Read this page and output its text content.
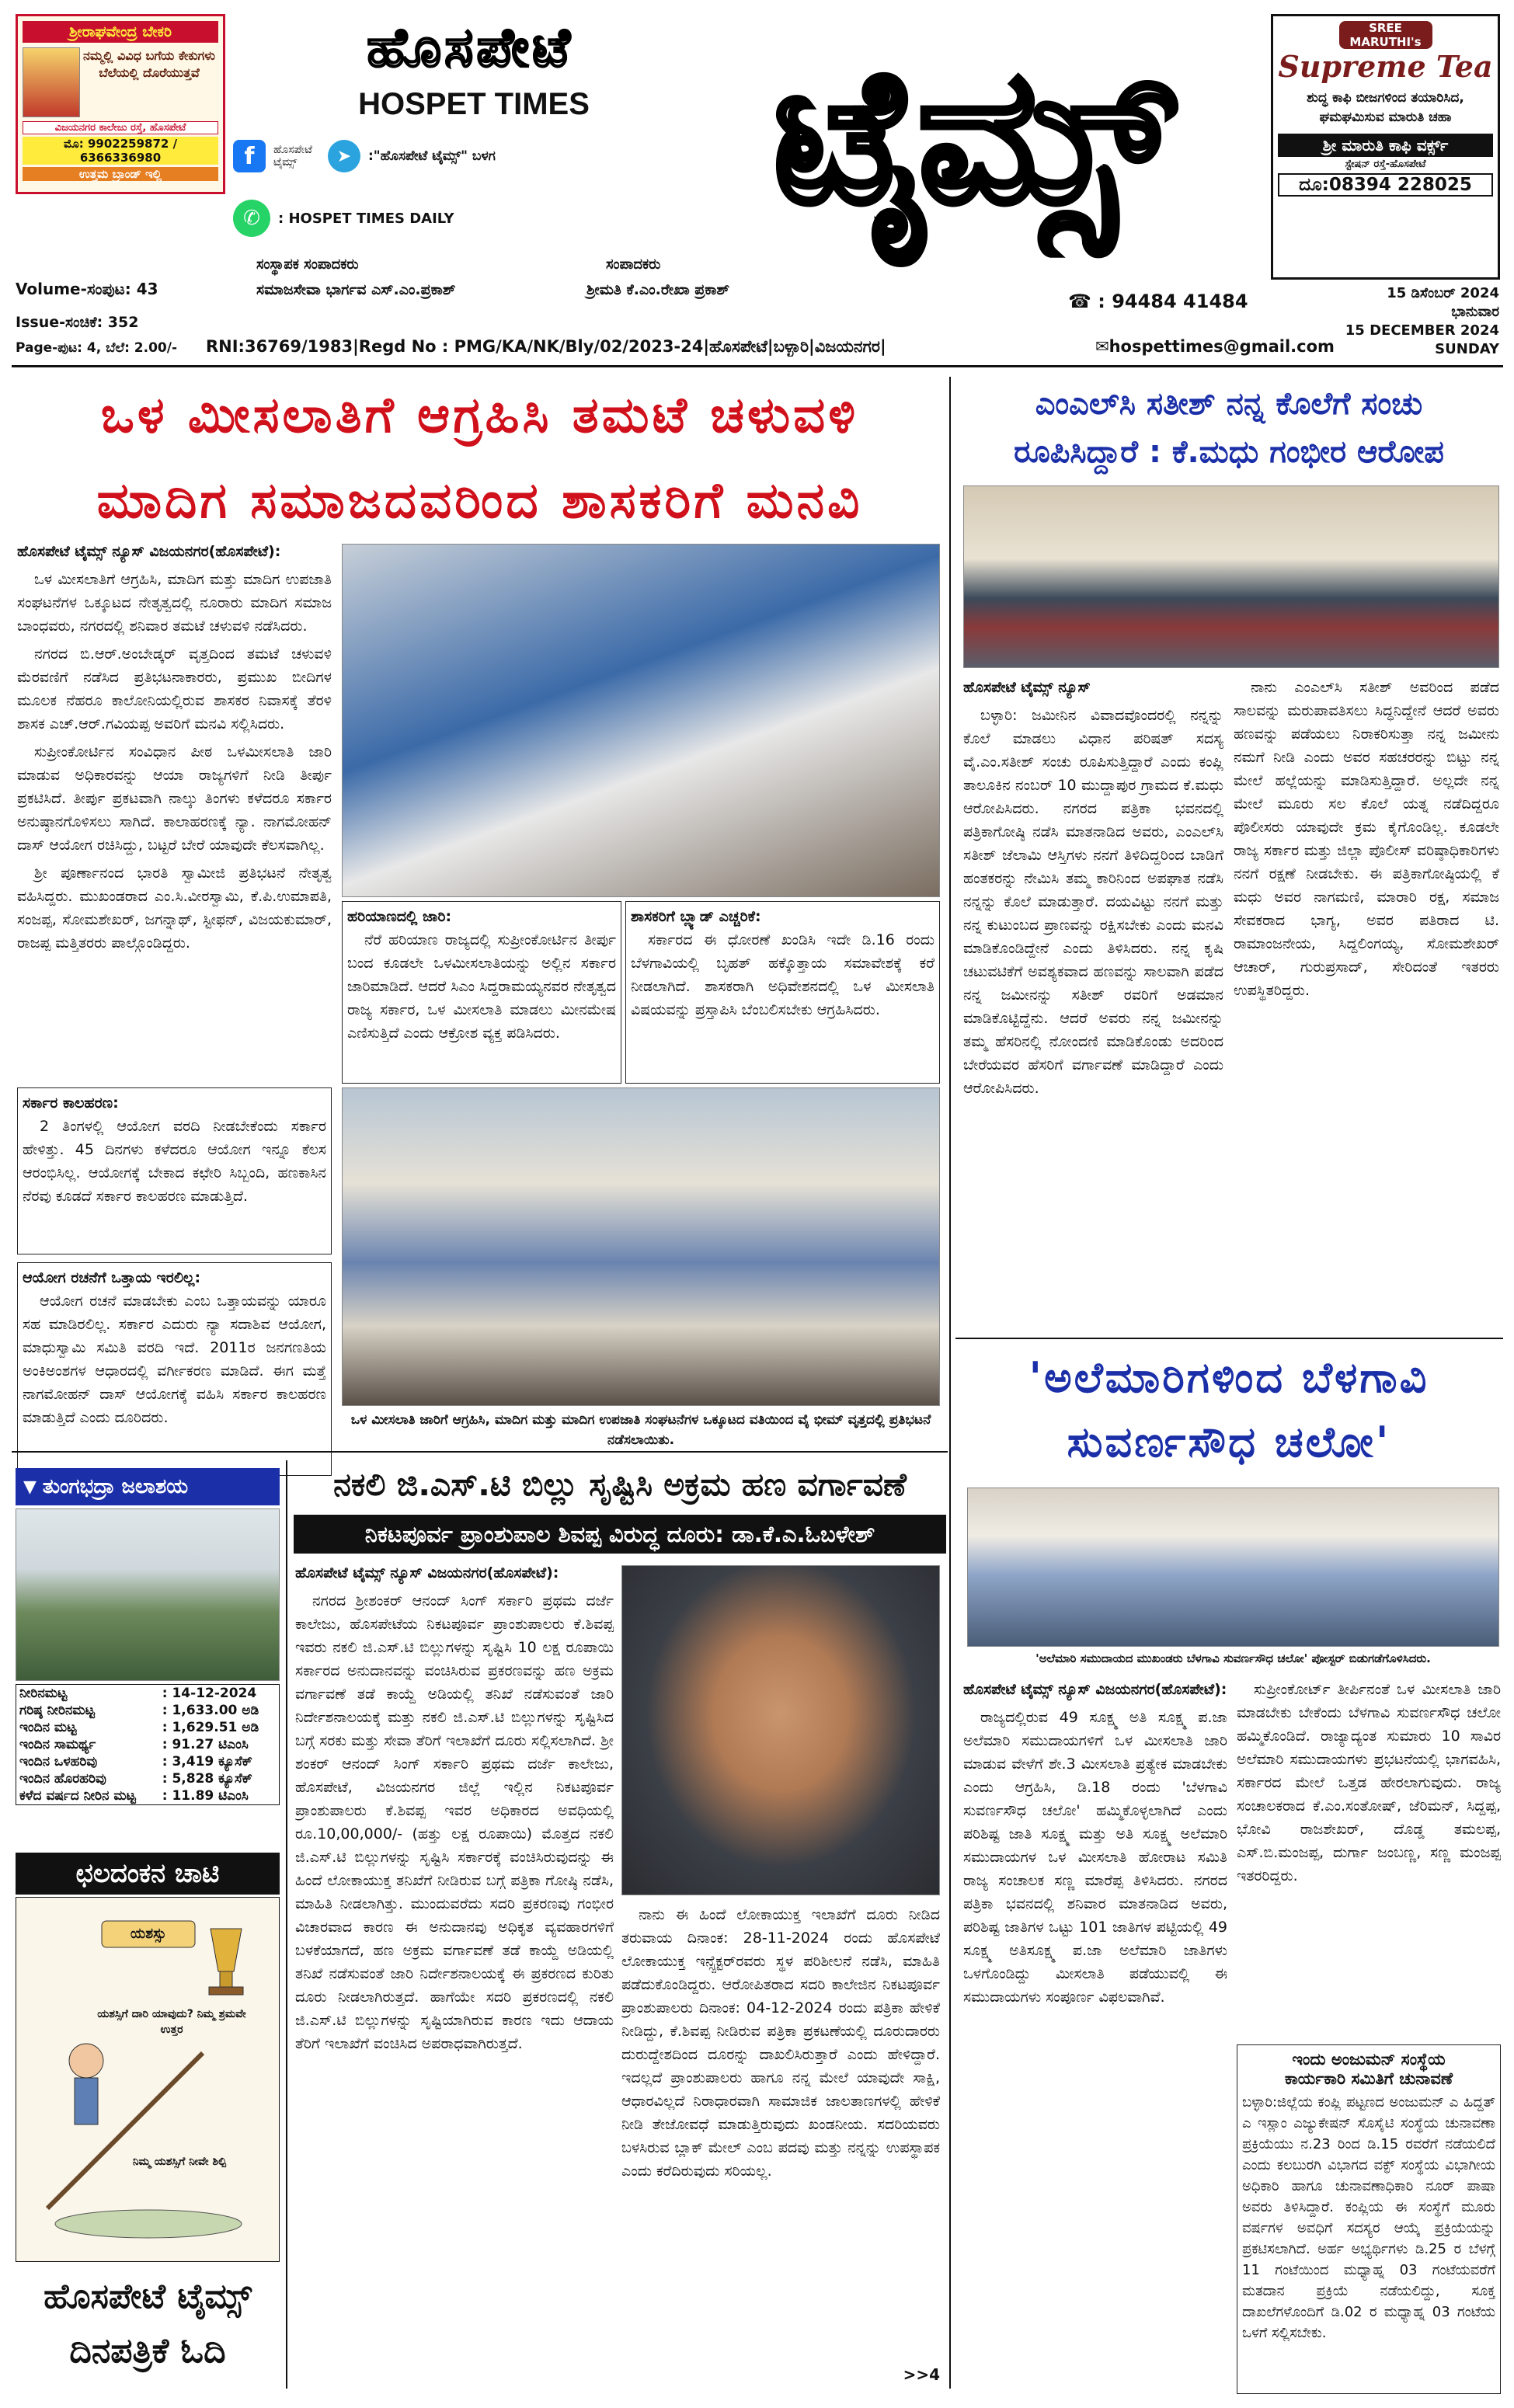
ಶ್ರೀರಾಘವೇಂದ್ರ ಬೇಕರಿ
ನಮ್ಮಲ್ಲಿ ವಿವಿಧ ಬಗೆಯ ಕೇಕುಗಳು ಬೆಲೆಯಲ್ಲಿ ದೊರೆಯುತ್ತವೆ
ವಿಜಯನಗರ ಕಾಲೇಜು ರಸ್ತೆ, ಹೊಸಪೇಟೆ
ಮೊ: 9902259872 / 6366336980
ಉತ್ತಮ ಬ್ರಾಂಡ್ ಇಲ್ಲಿ
ಹೊಸಪೇಟೆ
HOSPET TIMES
f	ಹೊಸಪೇಟೆ ಟೈಮ್ಸ್	➤	:"ಹೊಸಪೇಟೆ ಟೈಮ್ಸ್" ಬಳಗ
✆	: HOSPET TIMES DAILY	ಟೈಮ್ಸ್	SREE MARUTHI's
Supreme Tea
ಶುದ್ಧ ಕಾಫಿ ಬೀಜಗಳಿಂದ ತಯಾರಿಸಿದ, ಘಮಘಮಿಸುವ ಮಾರುತಿ ಚಹಾ
ಶ್ರೀ ಮಾರುತಿ ಕಾಫಿ ವರ್ಕ್ಸ್
ಸ್ಟೇಷನ್ ರಸ್ತೆ-ಹೊಸಪೇಟೆ
ದೂ:08394 228025
ಸಂಸ್ಥಾಪಕ ಸಂಪಾದಕರು	ಸಂಪಾದಕರು
Volume-ಸಂಪುಟ: 43	ಸಮಾಜಸೇವಾ ಭಾರ್ಗವ ಎಸ್.ಎಂ.ಪ್ರಕಾಶ್	ಶ್ರೀಮತಿ ಕೆ.ಎಂ.ರೇಖಾ ಪ್ರಕಾಶ್
☎ : 94484 41484	15 ಡಿಸೆಂಬರ್ 2024
ಭಾನುವಾರ
15 DECEMBER 2024
SUNDAY
Issue-ಸಂಚಿಕೆ: 352
Page-ಪುಟ: 4, ಬೆಲೆ: 2.00/-	RNI:36769/1983|Regd No : PMG/KA/NK/Bly/02/2023-24|ಹೊಸಪೇಟೆ|ಬಳ್ಳಾರಿ|ವಿಜಯನಗರ|	✉hospettimes@gmail.com
ಒಳ ಮೀಸಲಾತಿಗೆ ಆಗ್ರಹಿಸಿ ತಮಟೆ ಚಳುವಳಿ
ಮಾದಿಗ ಸಮಾಜದವರಿಂದ ಶಾಸಕರಿಗೆ ಮನವಿ

ಹೊಸಪೇಟೆ ಟೈಮ್ಸ್ ನ್ಯೂಸ್ ವಿಜಯನಗರ(ಹೊಸಪೇಟೆ):

ಒಳ ಮೀಸಲಾತಿಗೆ ಆಗ್ರಹಿಸಿ, ಮಾದಿಗ ಮತ್ತು ಮಾದಿಗ ಉಪಜಾತಿ ಸಂಘಟನೆಗಳ ಒಕ್ಕೂಟದ ನೇತೃತ್ವದಲ್ಲಿ ನೂರಾರು ಮಾದಿಗ ಸಮಾಜ ಬಾಂಧವರು, ನಗರದಲ್ಲಿ ಶನಿವಾರ ತಮಟೆ ಚಳುವಳಿ ನಡೆಸಿದರು.

ನಗರದ ಬಿ.ಆರ್.ಅಂಬೇಡ್ಕರ್ ವೃತ್ತದಿಂದ ತಮಟೆ ಚಳುವಳಿ ಮೆರವಣಿಗೆ ನಡೆಸಿದ ಪ್ರತಿಭಟನಾಕಾರರು, ಪ್ರಮುಖ ಬೀದಿಗಳ ಮೂಲಕ ನೆಹರೂ ಕಾಲೋನಿಯಲ್ಲಿರುವ ಶಾಸಕರ ನಿವಾಸಕ್ಕೆ ತೆರಳಿ ಶಾಸಕ ಎಚ್.ಆರ್.ಗವಿಯಪ್ಪ ಅವರಿಗೆ ಮನವಿ ಸಲ್ಲಿಸಿದರು.

ಸುಪ್ರೀಂಕೋರ್ಟಿನ ಸಂವಿಧಾನ ಪೀಠ ಒಳಮೀಸಲಾತಿ ಜಾರಿ ಮಾಡುವ ಅಧಿಕಾರವನ್ನು ಆಯಾ ರಾಜ್ಯಗಳಿಗೆ ನೀಡಿ ತೀರ್ಪು ಪ್ರಕಟಿಸಿದೆ. ತೀರ್ಪು ಪ್ರಕಟವಾಗಿ ನಾಲ್ಕು ತಿಂಗಳು ಕಳೆದರೂ ಸರ್ಕಾರ ಅನುಷ್ಠಾನಗೊಳಿಸಲು ಸಾಗಿದೆ. ಕಾಲಾಹರಣಕ್ಕೆ ನ್ಯಾ. ನಾಗಮೋಹನ್ ದಾಸ್ ಆಯೋಗ ರಚಿಸಿದ್ದು, ಬಟ್ಟರೆ ಬೇರೆ ಯಾವುದೇ ಕೆಲಸವಾಗಿಲ್ಲ.

ಶ್ರೀ ಪೂರ್ಣಾನಂದ ಭಾರತಿ ಸ್ವಾಮೀಜಿ ಪ್ರತಿಭಟನೆ ನೇತೃತ್ವ ವಹಿಸಿದ್ದರು. ಮುಖಂಡರಾದ ಎಂ.ಸಿ.ವೀರಸ್ವಾಮಿ, ಕೆ.ಪಿ.ಉಮಾಪತಿ, ಸಂಜಪ್ಪ, ಸೋಮಶೇಖರ್, ಜಗನ್ನಾಥ್, ಸ್ಟೀಫನ್, ವಿಜಯಕುಮಾರ್, ರಾಜಪ್ಪ ಮತ್ತಿತರರು ಪಾಲ್ಗೊಂಡಿದ್ದರು.

ಹರಿಯಾಣದಲ್ಲಿ ಜಾರಿ:

ನೆರೆ ಹರಿಯಾಣ ರಾಜ್ಯದಲ್ಲಿ ಸುಪ್ರೀಂಕೋರ್ಟಿನ ತೀರ್ಪು ಬಂದ ಕೂಡಲೇ ಒಳಮೀಸಲಾತಿಯನ್ನು ಅಲ್ಲಿನ ಸರ್ಕಾರ ಜಾರಿಮಾಡಿದೆ. ಆದರೆ ಸಿಎಂ ಸಿದ್ದರಾಮಯ್ಯನವರ ನೇತೃತ್ವದ ರಾಜ್ಯ ಸರ್ಕಾರ, ಒಳ ಮೀಸಲಾತಿ ಮಾಡಲು ಮೀನಮೇಷ ಎಣಿಸುತ್ತಿದೆ ಎಂದು ಆಕ್ರೋಶ ವ್ಯಕ್ತ ಪಡಿಸಿದರು.

ಶಾಸಕರಿಗೆ ಬ್ಲ್ಯಾಡ್ ಎಚ್ಚರಿಕೆ:

ಸರ್ಕಾರದ ಈ ಧೋರಣೆ ಖಂಡಿಸಿ ಇದೇ ಡಿ.16 ರಂದು ಬೆಳಗಾವಿಯಲ್ಲಿ ಬೃಹತ್ ಹಕ್ಕೊತ್ತಾಯ ಸಮಾವೇಶಕ್ಕೆ ಕರೆ ನೀಡಲಾಗಿದೆ. ಶಾಸಕರಾಗಿ ಅಧಿವೇಶನದಲ್ಲಿ ಒಳ ಮೀಸಲಾತಿ ವಿಷಯವನ್ನು ಪ್ರಸ್ತಾಪಿಸಿ ಬೆಂಬಲಿಸಬೇಕು ಆಗ್ರಹಿಸಿದರು.

ಸರ್ಕಾರ ಕಾಲಹರಣ:

2 ತಿಂಗಳಲ್ಲಿ ಆಯೋಗ ವರದಿ ನೀಡಬೇಕೆಂದು ಸರ್ಕಾರ ಹೇಳಿತ್ತು. 45 ದಿನಗಳು ಕಳೆದರೂ ಆಯೋಗ ಇನ್ನೂ ಕೆಲಸ ಆರಂಭಿಸಿಲ್ಲ. ಆಯೋಗಕ್ಕೆ ಬೇಕಾದ ಕಛೇರಿ ಸಿಬ್ಬಂದಿ, ಹಣಕಾಸಿನ ನೆರವು ಕೂಡದೆ ಸರ್ಕಾರ ಕಾಲಹರಣ ಮಾಡುತ್ತಿದೆ.

ಆಯೋಗ ರಚನೆಗೆ ಒತ್ತಾಯ ಇರಲಿಲ್ಲ:

ಆಯೋಗ ರಚನೆ ಮಾಡಬೇಕು ಎಂಬ ಒತ್ತಾಯವನ್ನು ಯಾರೂ ಸಹ ಮಾಡಿರಲಿಲ್ಲ. ಸರ್ಕಾರ ಎದುರು ನ್ಯಾ ಸದಾಶಿವ ಆಯೋಗ, ಮಾಧುಸ್ವಾಮಿ ಸಮಿತಿ ವರದಿ ಇದೆ. 2011ರ ಜನಗಣತಿಯ ಅಂಕಿಅಂಶಗಳ ಆಧಾರದಲ್ಲಿ ವರ್ಗೀಕರಣ ಮಾಡಿದೆ. ಈಗ ಮತ್ತೆ ನಾಗಮೋಹನ್ ದಾಸ್ ಆಯೋಗಕ್ಕೆ ವಹಿಸಿ ಸರ್ಕಾರ ಕಾಲಹರಣ ಮಾಡುತ್ತಿದೆ ಎಂದು ದೂರಿದರು.	ಒಳ ಮೀಸಲಾತಿ ಜಾರಿಗೆ ಆಗ್ರಹಿಸಿ, ಮಾದಿಗ ಮತ್ತು ಮಾದಿಗ ಉಪಜಾತಿ ಸಂಘಟನೆಗಳ ಒಕ್ಕೂಟದ ವತಿಯಿಂದ ವೈ ಭೀಮ್ ವೃತ್ತದಲ್ಲಿ ಪ್ರತಿಭಟನೆ ನಡೆಸಲಾಯಿತು.
ಎಂಎಲ್‌ಸಿ ಸತೀಶ್ ನನ್ನ ಕೊಲೆಗೆ ಸಂಚು
ರೂಪಿಸಿದ್ದಾರೆ : ಕೆ.ಮಧು ಗಂಭೀರ ಆರೋಪ

ಹೊಸಪೇಟೆ ಟೈಮ್ಸ್ ನ್ಯೂಸ್

ಬಳ್ಳಾರಿ: ಜಮೀನಿನ ವಿವಾದವೊಂದರಲ್ಲಿ ನನ್ನನ್ನು ಕೊಲೆ ಮಾಡಲು ವಿಧಾನ ಪರಿಷತ್ ಸದಸ್ಯ ವೈ.ಎಂ.ಸತೀಶ್ ಸಂಚು ರೂಪಿಸುತ್ತಿದ್ದಾರೆ ಎಂದು ಕಂಪ್ಲಿ ತಾಲೂಕಿನ ನಂಬರ್ 10 ಮುದ್ದಾಪುರ ಗ್ರಾಮದ ಕೆ.ಮಧು ಆರೋಪಿಸಿದರು. ನಗರದ ಪತ್ರಿಕಾ ಭವನದಲ್ಲಿ ಪತ್ರಿಕಾಗೋಷ್ಠಿ ನಡೆಸಿ ಮಾತನಾಡಿದ ಅವರು, ಎಂಎಲ್‌ಸಿ ಸತೀಶ್ ಜೆಲಾಮಿ ಆಸ್ತಿಗಳು ನನಗೆ ತಿಳಿದಿದ್ದರಿಂದ ಬಾಡಿಗೆ ಹಂತಕರನ್ನು ನೇಮಿಸಿ ತಮ್ಮ ಕಾರಿನಿಂದ ಅಪಘಾತ ನಡೆಸಿ ನನ್ನನ್ನು ಕೊಲೆ ಮಾಡುತ್ತಾರೆ. ದಯವಿಟ್ಟು ನನಗೆ ಮತ್ತು ನನ್ನ ಕುಟುಂಬದ ಪ್ರಾಣವನ್ನು ರಕ್ಷಿಸಬೇಕು ಎಂದು ಮನವಿ ಮಾಡಿಕೊಂಡಿದ್ದೇನೆ ಎಂದು ತಿಳಿಸಿದರು. ನನ್ನ ಕೃಷಿ ಚಟುವಟಿಕೆಗೆ ಅವಶ್ಯಕವಾದ ಹಣವನ್ನು ಸಾಲವಾಗಿ ಪಡೆದ ನನ್ನ ಜಮೀನನ್ನು ಸತೀಶ್ ರವರಿಗೆ ಅಡಮಾನ ಮಾಡಿಕೊಟ್ಟಿದ್ದೆನು. ಆದರೆ ಅವರು ನನ್ನ ಜಮೀನನ್ನು ತಮ್ಮ ಹೆಸರಿನಲ್ಲಿ ನೋಂದಣಿ ಮಾಡಿಕೊಂಡು ಅದರಿಂದ ಬೇರೆಯವರ ಹೆಸರಿಗೆ ವರ್ಗಾವಣೆ ಮಾಡಿದ್ದಾರೆ ಎಂದು ಆರೋಪಿಸಿದರು.

ನಾನು ಎಂಎಲ್‌ಸಿ ಸತೀಶ್ ಅವರಿಂದ ಪಡೆದ ಸಾಲವನ್ನು ಮರುಪಾವತಿಸಲು ಸಿದ್ಧನಿದ್ದೇನೆ ಆದರೆ ಅವರು ಹಣವನ್ನು ಪಡೆಯಲು ನಿರಾಕರಿಸುತ್ತಾ ನನ್ನ ಜಮೀನು ನಮಗೆ ನೀಡಿ ಎಂದು ಅವರ ಸಹಚರರನ್ನು ಬಿಟ್ಟು ನನ್ನ ಮೇಲೆ ಹಲ್ಲೆಯನ್ನು ಮಾಡಿಸುತ್ತಿದ್ದಾರೆ. ಅಲ್ಲದೇ ನನ್ನ ಮೇಲೆ ಮೂರು ಸಲ ಕೊಲೆ ಯತ್ನ ನಡೆದಿದ್ದರೂ ಪೊಲೀಸರು ಯಾವುದೇ ಕ್ರಮ ಕೈಗೊಂಡಿಲ್ಲ. ಕೂಡಲೇ ರಾಜ್ಯ ಸರ್ಕಾರ ಮತ್ತು ಜಿಲ್ಲಾ ಪೊಲೀಸ್ ವರಿಷ್ಠಾಧಿಕಾರಿಗಳು ನನಗೆ ರಕ್ಷಣೆ ನೀಡಬೇಕು. ಈ ಪತ್ರಿಕಾಗೋಷ್ಠಿಯಲ್ಲಿ ಕೆ ಮಧು ಅವರ ನಾಗಮಣಿ, ಮಾರಾರಿ ರಕ್ಷ, ಸಮಾಜ ಸೇವಕರಾದ ಭಾಗ್ಯ, ಅವರ ಪತಿರಾದ ಟಿ. ರಾಮಾಂಜನೇಯ, ಸಿದ್ದಲಿಂಗಯ್ಯ, ಸೋಮಶೇಖರ್ ಆಚಾರ್, ಗುರುಪ್ರಸಾದ್, ಸೇರಿದಂತೆ ಇತರರು ಉಪಸ್ಥಿತರಿದ್ದರು.

'ಅಲೆಮಾರಿಗಳಿಂದ ಬೆಳಗಾವಿ
ಸುವರ್ಣಸೌಧ ಚಲೋ'
'ಅಲೆಮಾರಿ ಸಮುದಾಯದ ಮುಖಂಡರು ಬೆಳಗಾವಿ ಸುವರ್ಣಸೌಧ ಚಲೋ' ಪೋಸ್ಟರ್ ಬಿಡುಗಡೆಗೊಳಿಸಿದರು.

ಹೊಸಪೇಟೆ ಟೈಮ್ಸ್ ನ್ಯೂಸ್ ವಿಜಯನಗರ(ಹೊಸಪೇಟೆ):

ರಾಜ್ಯದಲ್ಲಿರುವ 49 ಸೂಕ್ಷ್ಮ ಅತಿ ಸೂಕ್ಷ್ಮ ಪ.ಜಾ ಅಲೆಮಾರಿ ಸಮುದಾಯಗಳಿಗೆ ಒಳ ಮೀಸಲಾತಿ ಜಾರಿ ಮಾಡುವ ವೇಳೆಗೆ ಶೇ.3 ಮೀಸಲಾತಿ ಪ್ರತ್ಯೇಕ ಮಾಡಬೇಕು ಎಂದು ಆಗ್ರಹಿಸಿ, ಡಿ.18 ರಂದು 'ಬೆಳಗಾವಿ ಸುವರ್ಣಸೌಧ ಚಲೋ' ಹಮ್ಮಿಕೊಳ್ಳಲಾಗಿದೆ ಎಂದು ಪರಿಶಿಷ್ಟ ಜಾತಿ ಸೂಕ್ಷ್ಮ ಮತ್ತು ಅತಿ ಸೂಕ್ಷ್ಮ ಅಲೆಮಾರಿ ಸಮುದಾಯಗಳ ಒಳ ಮೀಸಲಾತಿ ಹೋರಾಟ ಸಮಿತಿ ರಾಜ್ಯ ಸಂಚಾಲಕ ಸಣ್ಣ ಮಾರೆಪ್ಪ ತಿಳಿಸಿದರು. ನಗರದ ಪತ್ರಿಕಾ ಭವನದಲ್ಲಿ ಶನಿವಾರ ಮಾತನಾಡಿದ ಅವರು, ಪರಿಶಿಷ್ಟ ಜಾತಿಗಳ ಒಟ್ಟು 101 ಜಾತಿಗಳ ಪಟ್ಟಿಯಲ್ಲಿ 49 ಸೂಕ್ಷ್ಮ ಅತಿಸೂಕ್ಷ್ಮ ಪ.ಜಾ ಅಲೆಮಾರಿ ಜಾತಿಗಳು ಒಳಗೊಂಡಿದ್ದು ಮೀಸಲಾತಿ ಪಡೆಯುವಲ್ಲಿ ಈ ಸಮುದಾಯಗಳು ಸಂಪೂರ್ಣ ವಿಫಲವಾಗಿವೆ.

ಸುಪ್ರೀಂಕೋರ್ಟ್ ತೀರ್ಪಿನಂತೆ ಒಳ ಮೀಸಲಾತಿ ಜಾರಿ ಮಾಡಬೇಕು ಬೇಕೆಂದು ಬೆಳಗಾವಿ ಸುವರ್ಣಸೌಧ ಚಲೋ ಹಮ್ಮಿಕೊಂಡಿದೆ. ರಾಜ್ಯಾದ್ಯಂತ ಸುಮಾರು 10 ಸಾವಿರ ಅಲೆಮಾರಿ ಸಮುದಾಯಗಳು ಪ್ರಭಟನೆಯಲ್ಲಿ ಭಾಗವಹಿಸಿ, ಸರ್ಕಾರದ ಮೇಲೆ ಒತ್ತಡ ಹೇರಲಾಗುವುದು. ರಾಜ್ಯ ಸಂಚಾಲಕರಾದ ಕೆ.ಎಂ.ಸಂತೋಷ್, ಜೆರಿಮನ್, ಸಿದ್ದಪ್ಪ, ಭೋವಿ ರಾಜಶೇಖರ್, ದೊಡ್ಡ ತಮಲಪ್ಪ, ಎಸ್.ಬಿ.ಮಂಜಪ್ಪ, ದುರ್ಗಾ ಜಂಬಣ್ಣ, ಸಣ್ಣ ಮಂಜಪ್ಪ ಇತರರಿದ್ದರು.

ಇಂದು ಅಂಜುಮನ್ ಸಂಸ್ಥೆಯ
ಕಾರ್ಯಕಾರಿ ಸಮಿತಿಗೆ ಚುನಾವಣೆ
ಬಳ್ಳಾರಿ:ಜಿಲ್ಲೆಯ ಕಂಪ್ಲಿ ಪಟ್ಟಣದ ಅಂಜುಮನ್ ಎ ಹಿದ್ದತ್ ಎ ಇಸ್ಲಾಂ ಎಜ್ಯುಕೇಷನ್ ಸೊಸೈಟಿ ಸಂಸ್ಥೆಯ ಚುನಾವಣಾ ಪ್ರಕ್ರಿಯೆಯು ನ.23 ರಿಂದ ಡಿ.15 ರವರೆಗೆ ನಡೆಯಲಿದೆ ಎಂದು ಕಲಬುರಗಿ ವಿಭಾಗದ ವಕ್ಫ್ ಸಂಸ್ಥೆಯ ವಿಭಾಗೀಯ ಅಧಿಕಾರಿ ಹಾಗೂ ಚುನಾವಣಾಧಿಕಾರಿ ನೂರ್ ಪಾಷಾ ಅವರು ತಿಳಿಸಿದ್ದಾರೆ. ಕಂಪ್ಲಿಯ ಈ ಸಂಸ್ಥೆಗೆ ಮೂರು ವರ್ಷಗಳ ಅವಧಿಗೆ ಸದಸ್ಯರ ಆಯ್ಕೆ ಪ್ರಕ್ರಿಯೆಯನ್ನು ಪ್ರಕಟಿಸಲಾಗಿದೆ. ಅರ್ಹ ಅಭ್ಯರ್ಥಿಗಳು ಡಿ.25 ರ ಬೆಳಗ್ಗೆ 11 ಗಂಟೆಯಿಂದ ಮಧ್ಯಾಹ್ನ 03 ಗಂಟೆಯವರೆಗೆ ಮತದಾನ ಪ್ರಕ್ರಿಯೆ ನಡೆಯಲಿದ್ದು, ಸೂಕ್ತ ದಾಖಲೆಗಳೊಂದಿಗೆ ಡಿ.02 ರ ಮಧ್ಯಾಹ್ನ 03 ಗಂಟೆಯ ಒಳಗೆ ಸಲ್ಲಿಸಬೇಕು.
▼ ತುಂಗಭದ್ರಾ ಜಲಾಶಯ
ನೀರಿನಮಟ್ಟ	: 14-12-2024
ಗರಿಷ್ಠ ನೀರಿನಮಟ್ಟ	: 1,633.00 ಅಡಿ
ಇಂದಿನ ಮಟ್ಟ	: 1,629.51 ಅಡಿ
ಇಂದಿನ ಸಾಮರ್ಥ್ಯ	: 91.27 ಟಿಎಂಸಿ
ಇಂದಿನ ಒಳಹರಿವು	: 3,419 ಕ್ಯೂಸೆಕ್
ಇಂದಿನ ಹೊರಹರಿವು	: 5,828 ಕ್ಯೂಸೆಕ್
ಕಳೆದ ವರ್ಷದ ನೀರಿನ ಮಟ್ಟ	: 11.89 ಟಿಎಂಸಿ
ಛಲದಂಕನ ಚಾಟಿ
ಯಶಸ್ಸು
ಯಶಸ್ಸಿಗೆ ದಾರಿ ಯಾವುದು? ನಿಮ್ಮ ಶ್ರಮವೇ ಉತ್ತರ
ನಿಮ್ಮ ಯಶಸ್ಸಿಗೆ ನೀವೇ ಶಿಲ್ಪಿ
ಹೊಸಪೇಟೆ ಟೈಮ್ಸ್
ದಿನಪತ್ರಿಕೆ ಓದಿ
ನಕಲಿ ಜಿ.ಎಸ್.ಟಿ ಬಿಲ್ಲು ಸೃಷ್ಟಿಸಿ ಅಕ್ರಮ ಹಣ ವರ್ಗಾವಣೆ
ನಿಕಟಪೂರ್ವ ಪ್ರಾಂಶುಪಾಲ ಶಿವಪ್ಪ ವಿರುದ್ಧ ದೂರು: ಡಾ.ಕೆ.ಎ.ಓಬಳೇಶ್

ಹೊಸಪೇಟೆ ಟೈಮ್ಸ್ ನ್ಯೂಸ್ ವಿಜಯನಗರ(ಹೊಸಪೇಟೆ):

ನಗರದ ಶ್ರೀಶಂಕರ್ ಆನಂದ್ ಸಿಂಗ್ ಸರ್ಕಾರಿ ಪ್ರಥಮ ದರ್ಜೆ ಕಾಲೇಜು, ಹೊಸಪೇಟೆಯ ನಿಕಟಪೂರ್ವ ಪ್ರಾಂಶುಪಾಲರು ಕೆ.ಶಿವಪ್ಪ ಇವರು ನಕಲಿ ಜಿ.ಎಸ್.ಟಿ ಬಿಲ್ಲುಗಳನ್ನು ಸೃಷ್ಟಿಸಿ 10 ಲಕ್ಷ ರೂಪಾಯಿ ಸರ್ಕಾರದ ಅನುದಾನವನ್ನು ವಂಚಿಸಿರುವ ಪ್ರಕರಣವನ್ನು ಹಣ ಅಕ್ರಮ ವರ್ಗಾವಣೆ ತಡೆ ಕಾಯ್ದೆ ಅಡಿಯಲ್ಲಿ ತನಿಖೆ ನಡೆಸುವಂತೆ ಜಾರಿ ನಿರ್ದೇಶನಾಲಯಕ್ಕೆ ಮತ್ತು ನಕಲಿ ಜಿ.ಎಸ್.ಟಿ ಬಿಲ್ಲುಗಳನ್ನು ಸೃಷ್ಟಿಸಿದ ಬಗ್ಗೆ ಸರಕು ಮತ್ತು ಸೇವಾ ತೆರಿಗೆ ಇಲಾಖೆಗೆ ದೂರು ಸಲ್ಲಿಸಲಾಗಿದೆ. ಶ್ರೀ ಶಂಕರ್ ಆನಂದ್ ಸಿಂಗ್ ಸರ್ಕಾರಿ ಪ್ರಥಮ ದರ್ಜೆ ಕಾಲೇಜು, ಹೊಸಪೇಟೆ, ವಿಜಯನಗರ ಜಿಲ್ಲೆ ಇಲ್ಲಿನ ನಿಕಟಪೂರ್ವ ಪ್ರಾಂಶುಪಾಲರು ಕೆ.ಶಿವಪ್ಪ ಇವರ ಅಧಿಕಾರದ ಅವಧಿಯಲ್ಲಿ ರೂ.10,00,000/- (ಹತ್ತು ಲಕ್ಷ ರೂಪಾಯಿ) ಮೊತ್ತದ ನಕಲಿ ಜಿ.ಎಸ್.ಟಿ ಬಿಲ್ಲುಗಳನ್ನು ಸೃಷ್ಟಿಸಿ ಸರ್ಕಾರಕ್ಕೆ ವಂಚಿಸಿರುವುದನ್ನು ಈ ಹಿಂದೆ ಲೋಕಾಯುಕ್ತ ತನಿಖೆಗೆ ನೀಡಿರುವ ಬಗ್ಗೆ ಪತ್ರಿಕಾ ಗೋಷ್ಠಿ ನಡೆಸಿ, ಮಾಹಿತಿ ನೀಡಲಾಗಿತ್ತು. ಮುಂದುವರೆದು ಸದರಿ ಪ್ರಕರಣವು ಗಂಭೀರ ವಿಚಾರವಾದ ಕಾರಣ ಈ ಅನುದಾನವು ಅಧಿಕೃತ ವ್ಯವಹಾರಗಳಿಗೆ ಬಳಕೆಯಾಗದೆ, ಹಣ ಅಕ್ರಮ ವರ್ಗಾವಣೆ ತಡೆ ಕಾಯ್ದೆ ಅಡಿಯಲ್ಲಿ ತನಿಖೆ ನಡೆಸುವಂತೆ ಜಾರಿ ನಿರ್ದೇಶನಾಲಯಕ್ಕೆ ಈ ಪ್ರಕರಣದ ಕುರಿತು ದೂರು ನೀಡಲಾಗಿರುತ್ತದೆ. ಹಾಗೆಯೇ ಸದರಿ ಪ್ರಕರಣದಲ್ಲಿ ನಕಲಿ ಜಿ.ಎಸ್.ಟಿ ಬಿಲ್ಲುಗಳನ್ನು ಸೃಷ್ಟಿಯಾಗಿರುವ ಕಾರಣ ಇದು ಆದಾಯ ತೆರಿಗೆ ಇಲಾಖೆಗೆ ವಂಚಿಸಿದ ಅಪರಾಧವಾಗಿರುತ್ತದೆ.

ನಾನು ಈ ಹಿಂದೆ ಲೋಕಾಯುಕ್ತ ಇಲಾಖೆಗೆ ದೂರು ನೀಡಿದ ತರುವಾಯ ದಿನಾಂಕ: 28-11-2024 ರಂದು ಹೊಸಪೇಟೆ ಲೋಕಾಯುಕ್ತ ಇನ್ಸ್ಪೆಕ್ಟರ್‌ರವರು ಸ್ಥಳ ಪರಿಶೀಲನೆ ನಡೆಸಿ, ಮಾಹಿತಿ ಪಡೆದುಕೊಂಡಿದ್ದರು. ಆರೋಪಿತರಾದ ಸದರಿ ಕಾಲೇಜಿನ ನಿಕಟಪೂರ್ವ ಪ್ರಾಂಶುಪಾಲರು ದಿನಾಂಕ: 04-12-2024 ರಂದು ಪತ್ರಿಕಾ ಹೇಳಿಕೆ ನೀಡಿದ್ದು, ಕೆ.ಶಿವಪ್ಪ ನೀಡಿರುವ ಪತ್ರಿಕಾ ಪ್ರಕಟಣೆಯಲ್ಲಿ ದೂರುದಾರರು ದುರುದ್ದೇಶದಿಂದ ದೂರನ್ನು ದಾಖಲಿಸಿರುತ್ತಾರೆ ಎಂದು ಹೇಳಿದ್ದಾರೆ. ಇದಲ್ಲದೆ ಪ್ರಾಂಶುಪಾಲರು ಹಾಗೂ ನನ್ನ ಮೇಲೆ ಯಾವುದೇ ಸಾಕ್ಷಿ, ಆಧಾರವಿಲ್ಲದೆ ನಿರಾಧಾರವಾಗಿ ಸಾಮಾಜಿಕ ಜಾಲತಾಣಗಳಲ್ಲಿ ಹೇಳಿಕೆ ನೀಡಿ ತೇಜೋವಧೆ ಮಾಡುತ್ತಿರುವುದು ಖಂಡನೀಯ. ಸದರಿಯವರು ಬಳಸಿರುವ ಬ್ಲಾಕ್ ಮೇಲ್ ಎಂಬ ಪದವು ಮತ್ತು ನನ್ನನ್ನು ಉಪಸ್ಥಾಪಕ ಎಂದು ಕರೆದಿರುವುದು ಸರಿಯಲ್ಲ.

>>4
